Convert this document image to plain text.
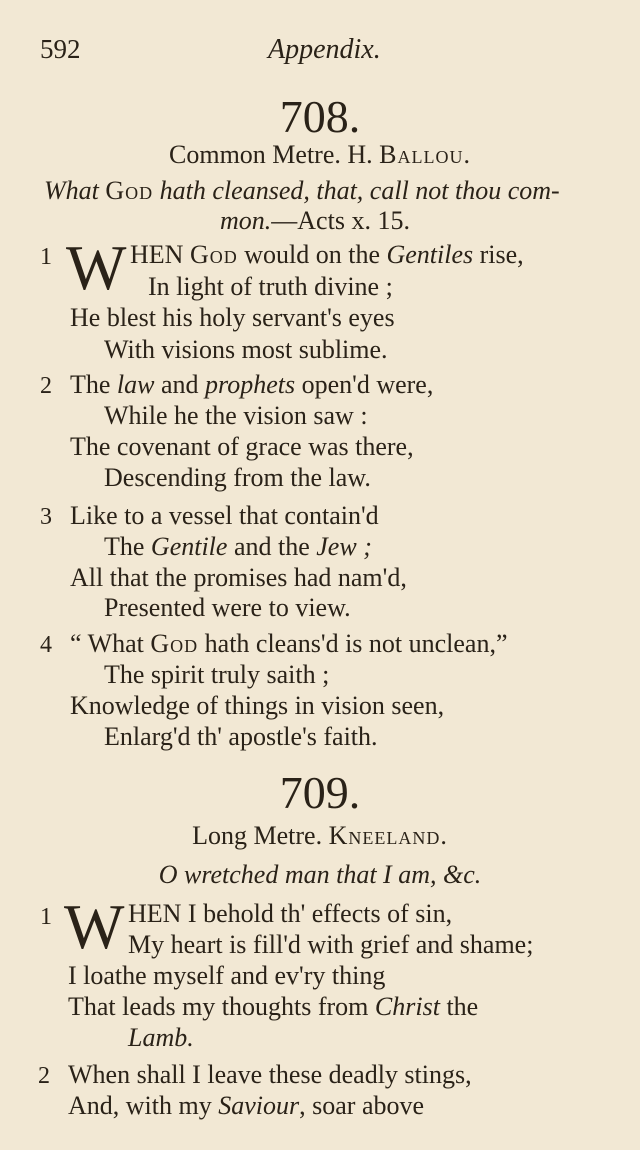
592	Appendix.
708.
Common Metre. H. Ballou.
What God hath cleansed, that, call not thou com-
mon.—Acts x. 15.
1 W HEN God would on the Gentiles rise,
In light of truth divine ;
He blest his holy servant's eyes
With visions most sublime.
2 The law and prophets open'd were,
While he the vision saw :
The covenant of grace was there,
Descending from the law.
3 Like to a vessel that contain'd
The Gentile and the Jew ;
All that the promises had nam'd,
Presented were to view.
4 “ What God hath cleans'd is not unclean,”
The spirit truly saith ;
Knowledge of things in vision seen,
Enlarg'd th' apostle's faith.
709.
Long Metre. Kneeland.
O wretched man that I am, &c.
1 W HEN I behold th' effects of sin,
My heart is fill'd with grief and shame;
I loathe myself and ev'ry thing
That leads my thoughts from Christ the
Lamb.
2 When shall I leave these deadly stings,
And, with my Saviour, soar above
